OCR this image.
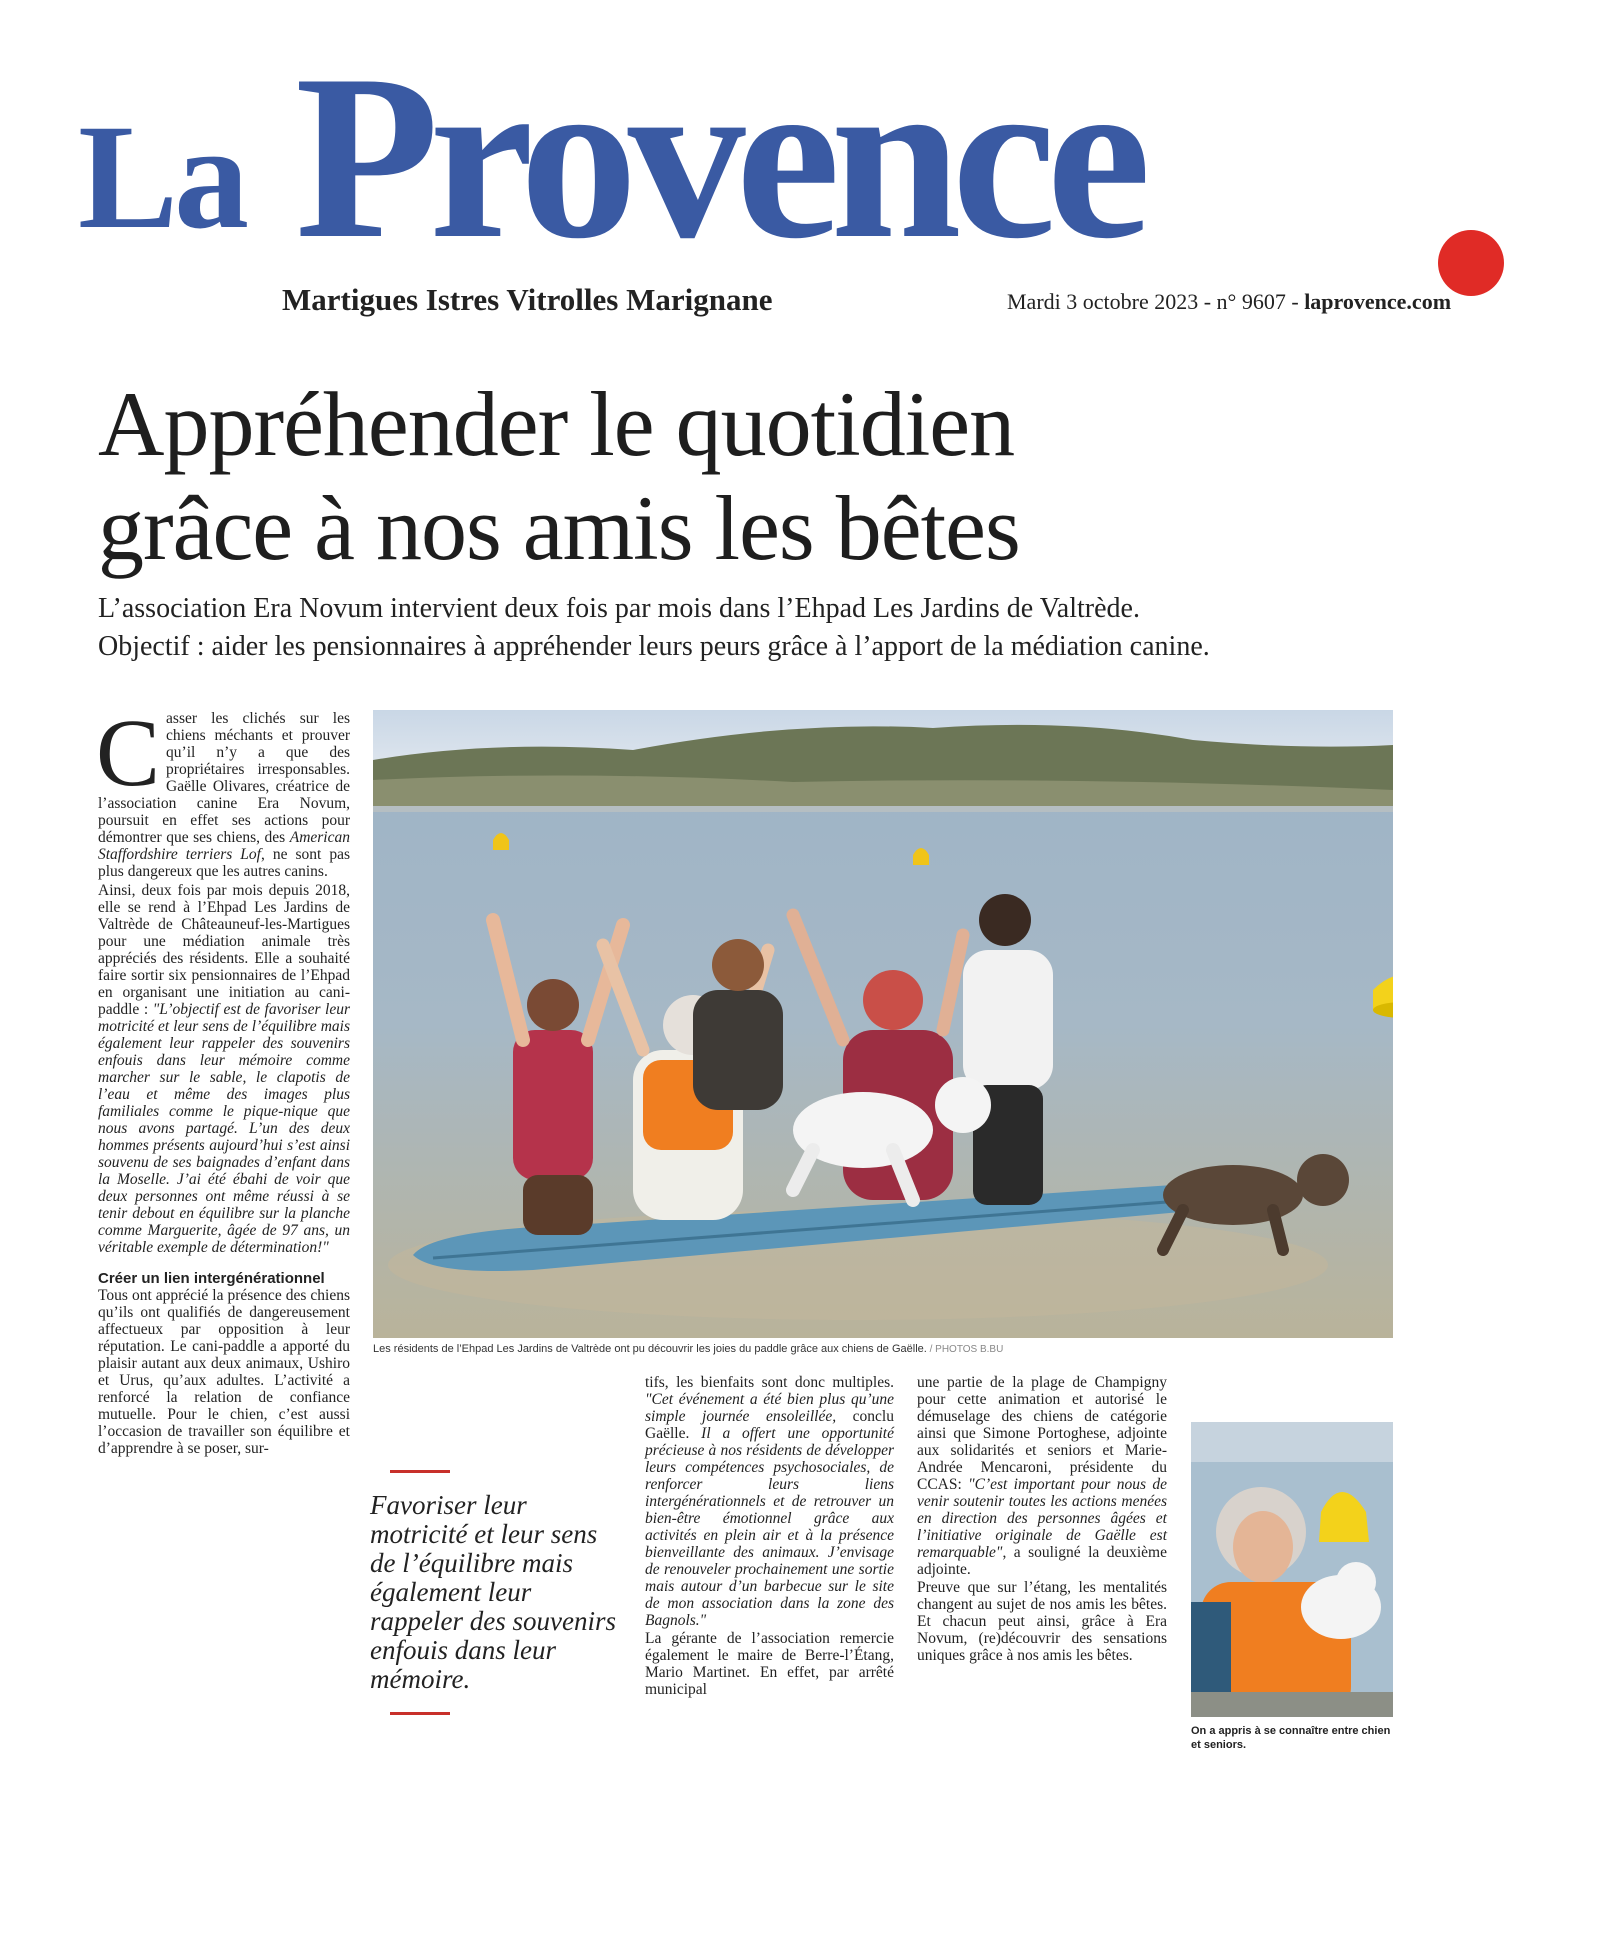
La Provence
Martigues Istres Vitrolles Marignane	Mardi 3 octobre 2023 - n° 9607 - laprovence.com
Appréhender le quotidien
grâce à nos amis les bêtes
L’association Era Novum intervient deux fois par mois dans l’Ehpad Les Jardins de Valtrède.
Objectif : aider les pensionnaires à appréhender leurs peurs grâce à l’apport de la médiation canine.

Casser les clichés sur les chiens méchants et prouver qu’il n’y a que des propriétaires irresponsables. Gaëlle Olivares, créatrice de l’association canine Era Novum, poursuit en effet ses actions pour démontrer que ses chiens, des American Staffordshire terriers Lof, ne sont pas plus dangereux que les autres canins.

Ainsi, deux fois par mois depuis 2018, elle se rend à l’Ehpad Les Jardins de Valtrède de Châteauneuf-les-Martigues pour une médiation animale très appréciés des résidents. Elle a souhaité faire sortir six pensionnaires de l’Ehpad en organisant une initiation au cani-paddle : "L’objectif est de favoriser leur motricité et leur sens de l’équilibre mais également leur rappeler des souvenirs enfouis dans leur mémoire comme marcher sur le sable, le clapotis de l’eau et même des images plus familiales comme le pique-nique que nous avons partagé. L’un des deux hommes présents aujourd’hui s’est ainsi souvenu de ses baignades d’enfant dans la Moselle. J’ai été ébahi de voir que deux personnes ont même réussi à se tenir debout en équilibre sur la planche comme Marguerite, âgée de 97 ans, un véritable exemple de détermination!"

Créer un lien intergénérationnel

Tous ont apprécié la présence des chiens qu’ils ont qualifiés de dangereusement affectueux par opposition à leur réputation. Le cani-paddle a apporté du plaisir autant aux deux animaux, Ushiro et Urus, qu’aux adultes. L’activité a renforcé la relation de confiance mutuelle. Pour le chien, c’est aussi l’occasion de travailler son équilibre et d’apprendre à se poser, sur-

Les résidents de l’Ehpad Les Jardins de Valtrède ont pu découvrir les joies du paddle grâce aux chiens de Gaëlle. / PHOTOS B.BU
Favoriser leur motricité et leur sens de l’équilibre mais également leur rappeler des souvenirs enfouis dans leur mémoire.

tifs, les bienfaits sont donc multiples. "Cet événement a été bien plus qu’une simple journée ensoleillée, conclu Gaëlle. Il a offert une opportunité précieuse à nos résidents de développer leurs compétences psychosociales, de renforcer leurs liens intergénérationnels et de retrouver un bien-être émotionnel grâce aux activités en plein air et à la présence bienveillante des animaux. J’envisage de renouveler prochainement une sortie mais autour d’un barbecue sur le site de mon association dans la zone des Bagnols."

La gérante de l’association remercie également le maire de Berre-l’Étang, Mario Martinet. En effet, par arrêté municipal

une partie de la plage de Champigny pour cette animation et autorisé le démuselage des chiens de catégorie ainsi que Simone Portoghese, adjointe aux solidarités et seniors et Marie-Andrée Mencaroni, présidente du CCAS: "C’est important pour nous de venir soutenir toutes les actions menées en direction des personnes âgées et l’initiative originale de Gaëlle est remarquable", a souligné la deuxième adjointe.

Preuve que sur l’étang, les mentalités changent au sujet de nos amis les bêtes. Et chacun peut ainsi, grâce à Era Novum, (re)découvrir des sensations uniques grâce à nos amis les bêtes.

On a appris à se connaître entre chien et seniors.
